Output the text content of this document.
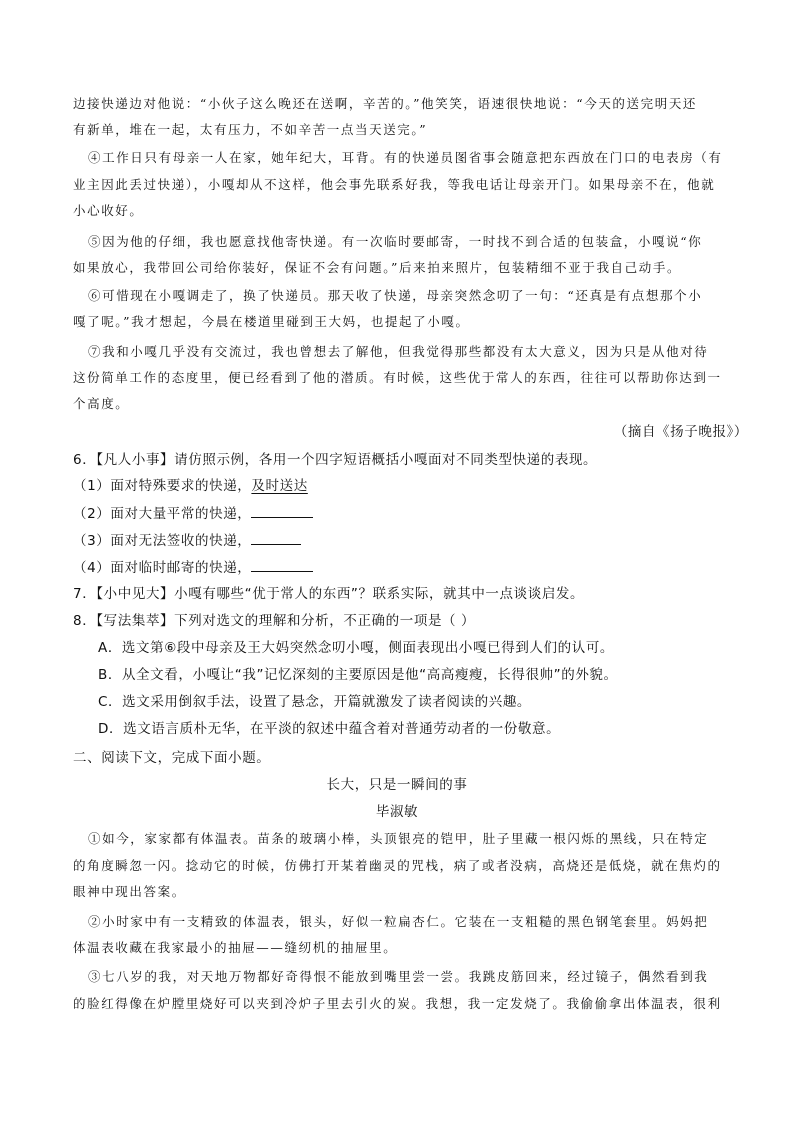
边接快递边对他说：“小伙子这么晚还在送啊，辛苦的。”他笑笑，语速很快地说：“今天的送完明天还
有新单，堆在一起，太有压力，不如辛苦一点当天送完。”
④工作日只有母亲一人在家，她年纪大，耳背。有的快递员图省事会随意把东西放在门口的电表房（有
业主因此丢过快递），小嘎却从不这样，他会事先联系好我，等我电话让母亲开门。如果母亲不在，他就
小心收好。
⑤因为他的仔细，我也愿意找他寄快递。有一次临时要邮寄，一时找不到合适的包装盒，小嘎说“你
如果放心，我带回公司给你装好，保证不会有问题。”后来拍来照片，包装精细不亚于我自己动手。
⑥可惜现在小嘎调走了，换了快递员。那天收了快递，母亲突然念叨了一句：“还真是有点想那个小
嘎了呢。”我才想起，今晨在楼道里碰到王大妈，也提起了小嘎。
⑦我和小嘎几乎没有交流过，我也曾想去了解他，但我觉得那些都没有太大意义，因为只是从他对待
这份简单工作的态度里，便已经看到了他的潜质。有时候，这些优于常人的东西，往往可以帮助你达到一
个高度。
（摘自《扬子晚报》）
6．【凡人小事】请仿照示例，各用一个四字短语概括小嘎面对不同类型快递的表现。
（1）面对特殊要求的快递，及时送达
（2）面对大量平常的快递，
（3）面对无法签收的快递，
（4）面对临时邮寄的快递，
7．【小中见大】小嘎有哪些“优于常人的东西”？联系实际，就其中一点谈谈启发。
8．【写法集萃】下列对选文的理解和分析，不正确的一项是（ ）
A．选文第⑥段中母亲及王大妈突然念叨小嘎，侧面表现出小嘎已得到人们的认可。
B．从全文看，小嘎让“我”记忆深刻的主要原因是他“高高瘦瘦，长得很帅”的外貌。
C．选文采用倒叙手法，设置了悬念，开篇就激发了读者阅读的兴趣。
D．选文语言质朴无华，在平淡的叙述中蕴含着对普通劳动者的一份敬意。
二、阅读下文，完成下面小题。
长大，只是一瞬间的事
毕淑敏
①如今，家家都有体温表。苗条的玻璃小棒，头顶银亮的铠甲，肚子里藏一根闪烁的黑线，只在特定
的角度瞬忽一闪。捻动它的时候，仿佛打开某着幽灵的咒栈，病了或者没病，高烧还是低烧，就在焦灼的
眼神中现出答案。
②小时家中有一支精致的体温表，银头，好似一粒扁杏仁。它装在一支粗糙的黑色钢笔套里。妈妈把
体温表收藏在我家最小的抽屉——缝纫机的抽屉里。
③七八岁的我，对天地万物都好奇得恨不能放到嘴里尝一尝。我跳皮筋回来，经过镜子，偶然看到我
的脸红得像在炉膛里烧好可以夹到冷炉子里去引火的炭。我想，我一定发烧了。我偷偷拿出体温表，很利
